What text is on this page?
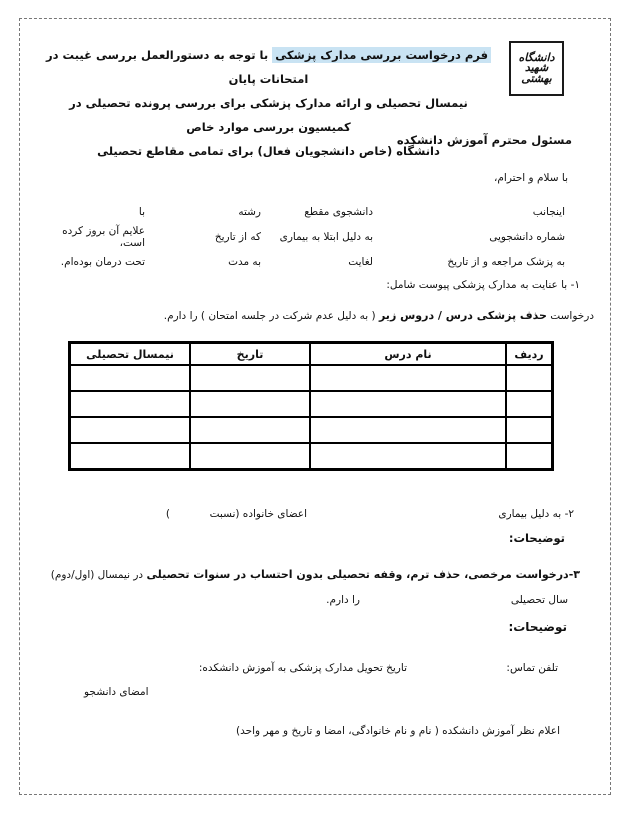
دانشگاه
شهید
بهشتی
فرم درخواست بررسی مدارک پزشکی با توجه به دستورالعمل بررسی غیبت در امتحانات پایان
نیمسال تحصیلی و ارائه مدارک پزشکی برای بررسی پرونده تحصیلی در کمیسیون بررسی موارد خاص
دانشگاه (خاص دانشجویان فعال) برای تمامی مقاطع تحصیلی
مسئول محترم آموزش دانشکده
با سلام و احترام،
اینجانب
دانشجوی مقطع
رشته
با
شماره دانشجویی
به دلیل ابتلا به بیماری
که از تاریخ
علایم آن بروز کرده است،
به پزشک مراجعه و از تاریخ
لغایت
به مدت
تحت درمان بوده‌ام.
۱- با عنایت به مدارک پزشکی پیوست شامل:
درخواست حذف پزشکی درس / دروس زیر ( به دلیل عدم شرکت در جلسه امتحان ) را دارم.
ردیف	نام درس	تاریخ	نیمسال تحصیلی

۲- به دلیل بیماری
اعضای خانواده (نسبت
)
توضیحات:
۳-درخواست مرخصی، حذف ترم، وقفه تحصیلی بدون احتساب در سنوات تحصیلی در نیمسال (اول/دوم)
سال تحصیلی
را دارم.
توضیحات:
تلفن تماس:
تاریخ تحویل مدارک پزشکی به آموزش دانشکده:
امضای دانشجو
اعلام نظر آموزش دانشکده ( نام و نام خانوادگی، امضا و تاریخ و مهر واحد)
